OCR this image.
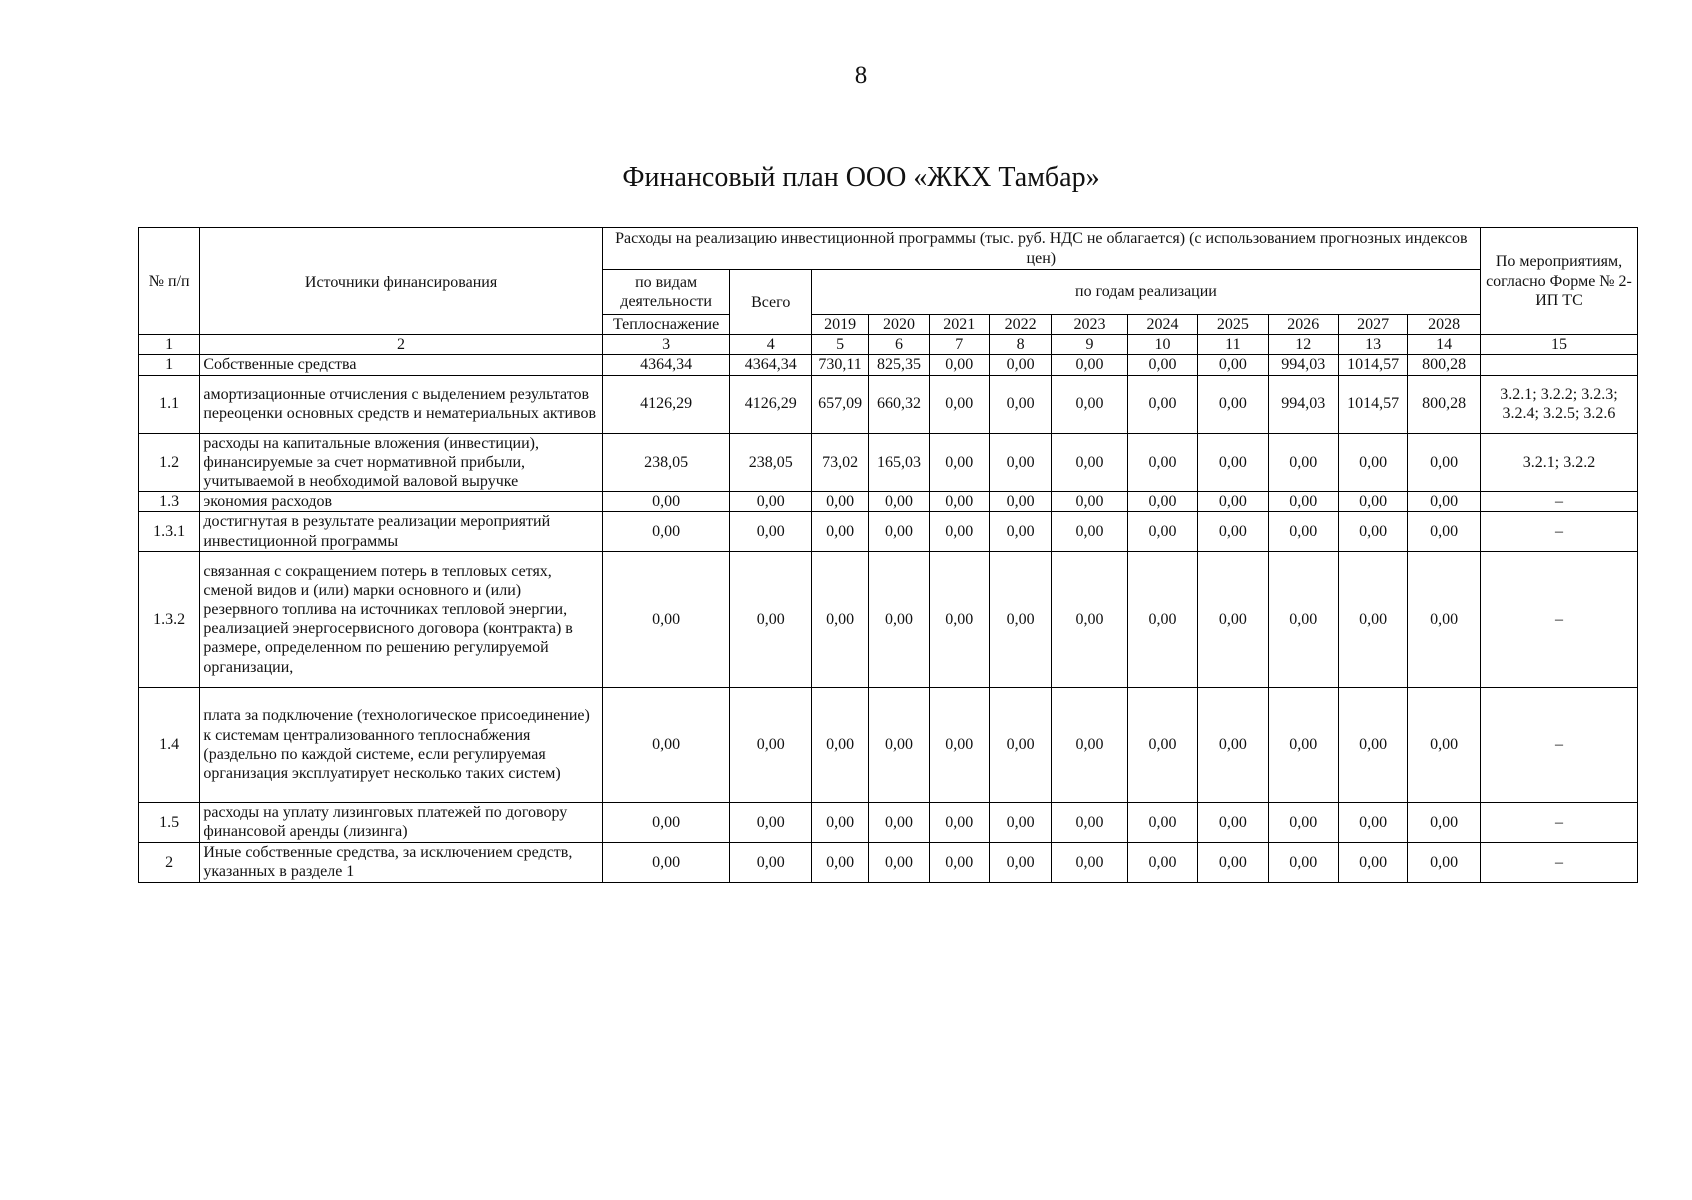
8
Финансовый план ООО «ЖКХ Тамбар»
№ п/п	Источники финансирования	Расходы на реализацию инвестиционной программы (тыс. руб. НДС не облагается) (с использованием прогнозных индексов цен)												По мероприятиям, согласно Форме № 2-ИП ТС
		по видам деятельности	Всего	по годам реализации										
		Теплоснажение		2019	2020	2021	2022	2023	2024	2025	2026	2027	2028	
1	2	3	4	5	6	7	8	9	10	11	12	13	14	15
1	Собственные средства	4364,34	4364,34	730,11	825,35	0,00	0,00	0,00	0,00	0,00	994,03	1014,57	800,28	
1.1	амортизационные отчисления с выделением результатов переоценки основных средств и нематериальных активов	4126,29	4126,29	657,09	660,32	0,00	0,00	0,00	0,00	0,00	994,03	1014,57	800,28	3.2.1; 3.2.2; 3.2.3; 3.2.4; 3.2.5; 3.2.6
1.2	расходы на капитальные вложения (инвестиции), финансируемые за счет нормативной прибыли, учитываемой в необходимой валовой выручке	238,05	238,05	73,02	165,03	0,00	0,00	0,00	0,00	0,00	0,00	0,00	0,00	3.2.1; 3.2.2
1.3	экономия расходов	0,00	0,00	0,00	0,00	0,00	0,00	0,00	0,00	0,00	0,00	0,00	0,00	–
1.3.1	достигнутая в результате реализации мероприятий инвестиционной программы	0,00	0,00	0,00	0,00	0,00	0,00	0,00	0,00	0,00	0,00	0,00	0,00	–
1.3.2	связанная с сокращением потерь в тепловых сетях, сменой видов и (или) марки основного и (или) резервного топлива на источниках тепловой энергии, реализацией энергосервисного договора (контракта) в размере, определенном по решению регулируемой организации,	0,00	0,00	0,00	0,00	0,00	0,00	0,00	0,00	0,00	0,00	0,00	0,00	–
1.4	плата за подключение (технологическое присоединение) к системам централизованного теплоснабжения (раздельно по каждой системе, если регулируемая организация эксплуатирует несколько таких систем)	0,00	0,00	0,00	0,00	0,00	0,00	0,00	0,00	0,00	0,00	0,00	0,00	–
1.5	расходы на уплату лизинговых платежей по договору финансовой аренды (лизинга)	0,00	0,00	0,00	0,00	0,00	0,00	0,00	0,00	0,00	0,00	0,00	0,00	–
2	Иные собственные средства, за исключением средств, указанных в разделе 1	0,00	0,00	0,00	0,00	0,00	0,00	0,00	0,00	0,00	0,00	0,00	0,00	–
